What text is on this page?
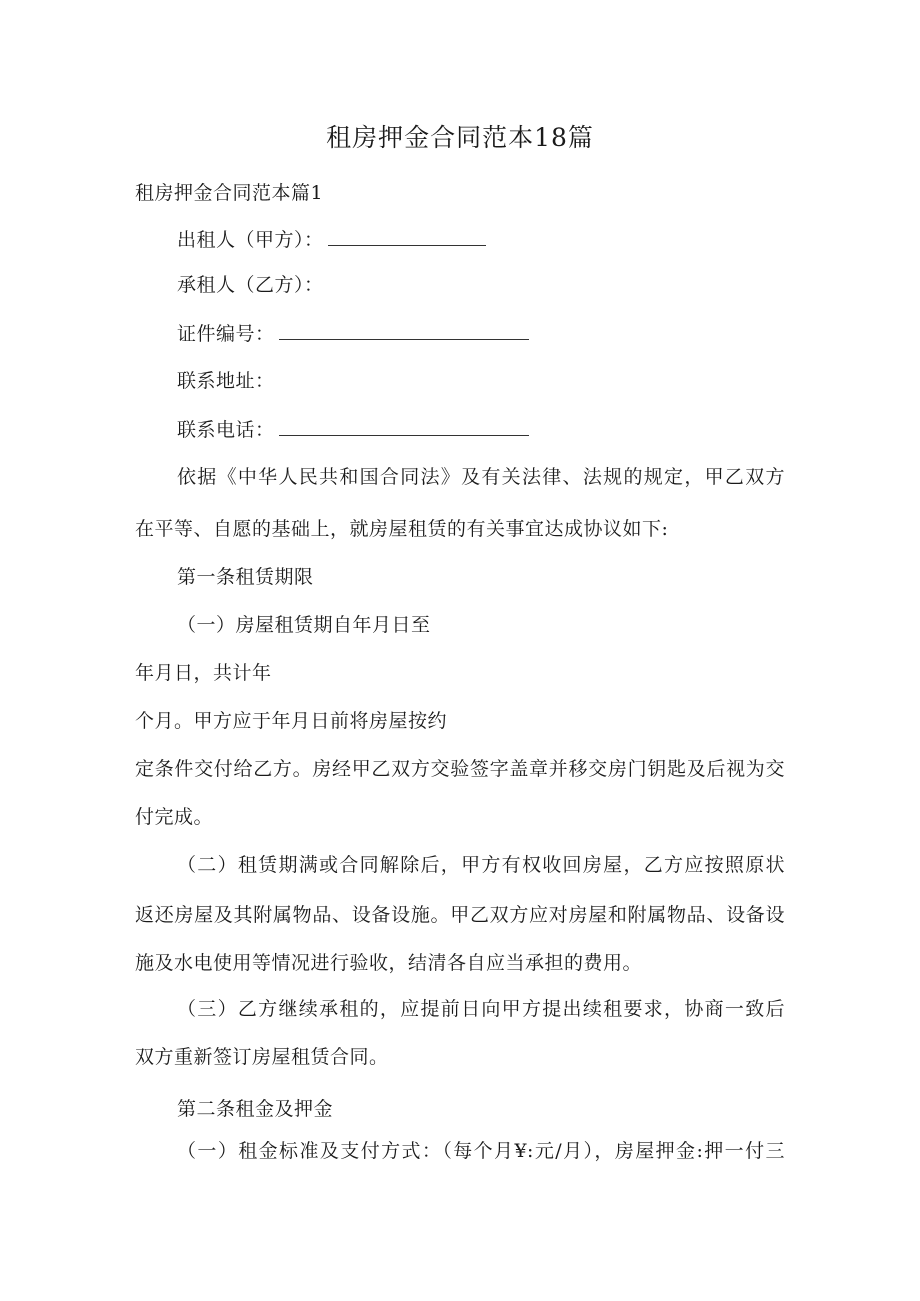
租房押金合同范本18篇
租房押金合同范本篇1
出租人（甲方）：
承租人（乙方）：
证件编号：
联系地址：
联系电话：
依据《中华人民共和国合同法》及有关法律、法规的规定，甲乙双方
在平等、自愿的基础上，就房屋租赁的有关事宜达成协议如下:
第一条租赁期限
（一）房屋租赁期自年月日至
年月日，共计年
个月。甲方应于年月日前将房屋按约
定条件交付给乙方。房经甲乙双方交验签字盖章并移交房门钥匙及后视为交
付完成。
（二）租赁期满或合同解除后，甲方有权收回房屋，乙方应按照原状
返还房屋及其附属物品、设备设施。甲乙双方应对房屋和附属物品、设备设
施及水电使用等情况进行验收，结清各自应当承担的费用。
（三）乙方继续承租的，应提前日向甲方提出续租要求，协商一致后
双方重新签订房屋租赁合同。
第二条租金及押金
（一）租金标准及支付方式：（每个月¥:元/月），房屋押金:押一付三
